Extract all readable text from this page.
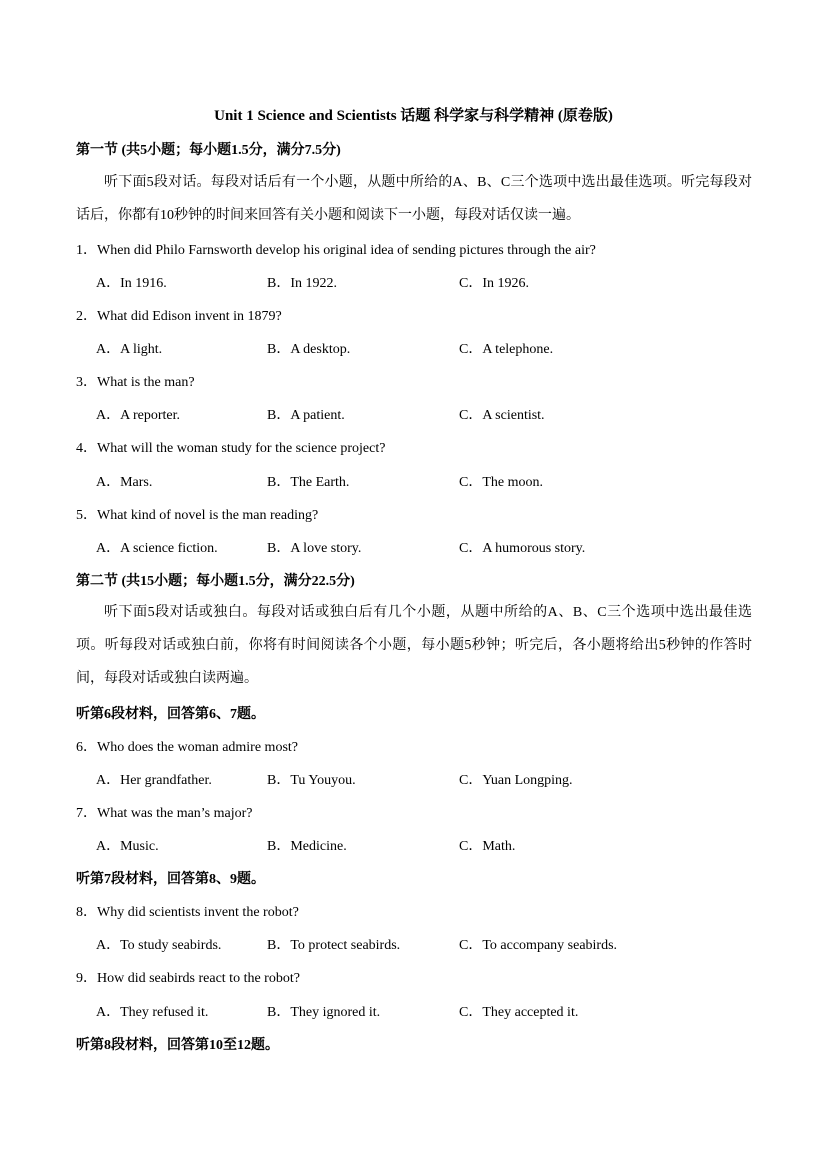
Unit 1 Science and Scientists 话题 科学家与科学精神 (原卷版)
第一节 (共5小题；每小题1.5分，满分7.5分)
听下面5段对话。每段对话后有一个小题，从题中所给的A、B、C三个选项中选出最佳选项。听完每段对话后，你都有10秒钟的时间来回答有关小题和阅读下一小题，每段对话仅读一遍。
1．When did Philo Farnsworth develop his original idea of sending pictures through the air?
A．In 1916.	B．In 1922.	C．In 1926.
2．What did Edison invent in 1879?
A．A light.	B．A desktop.	C．A telephone.
3．What is the man?
A．A reporter.	B．A patient.	C．A scientist.
4．What will the woman study for the science project?
A．Mars.	B．The Earth.	C．The moon.
5．What kind of novel is the man reading?
A．A science fiction.	B．A love story.	C．A humorous story.
第二节 (共15小题；每小题1.5分，满分22.5分)
听下面5段对话或独白。每段对话或独白后有几个小题，从题中所给的A、B、C三个选项中选出最佳选项。听每段对话或独白前，你将有时间阅读各个小题，每小题5秒钟；听完后，各小题将给出5秒钟的作答时间，每段对话或独白读两遍。
听第6段材料，回答第6、7题。
6．Who does the woman admire most?
A．Her grandfather.	B．Tu Youyou.	C．Yuan Longping.
7．What was the man’s major?
A．Music.	B．Medicine.	C．Math.
听第7段材料，回答第8、9题。
8．Why did scientists invent the robot?
A．To study seabirds.	B．To protect seabirds.	C．To accompany seabirds.
9．How did seabirds react to the robot?
A．They refused it.	B．They ignored it.	C．They accepted it.
听第8段材料，回答第10至12题。
